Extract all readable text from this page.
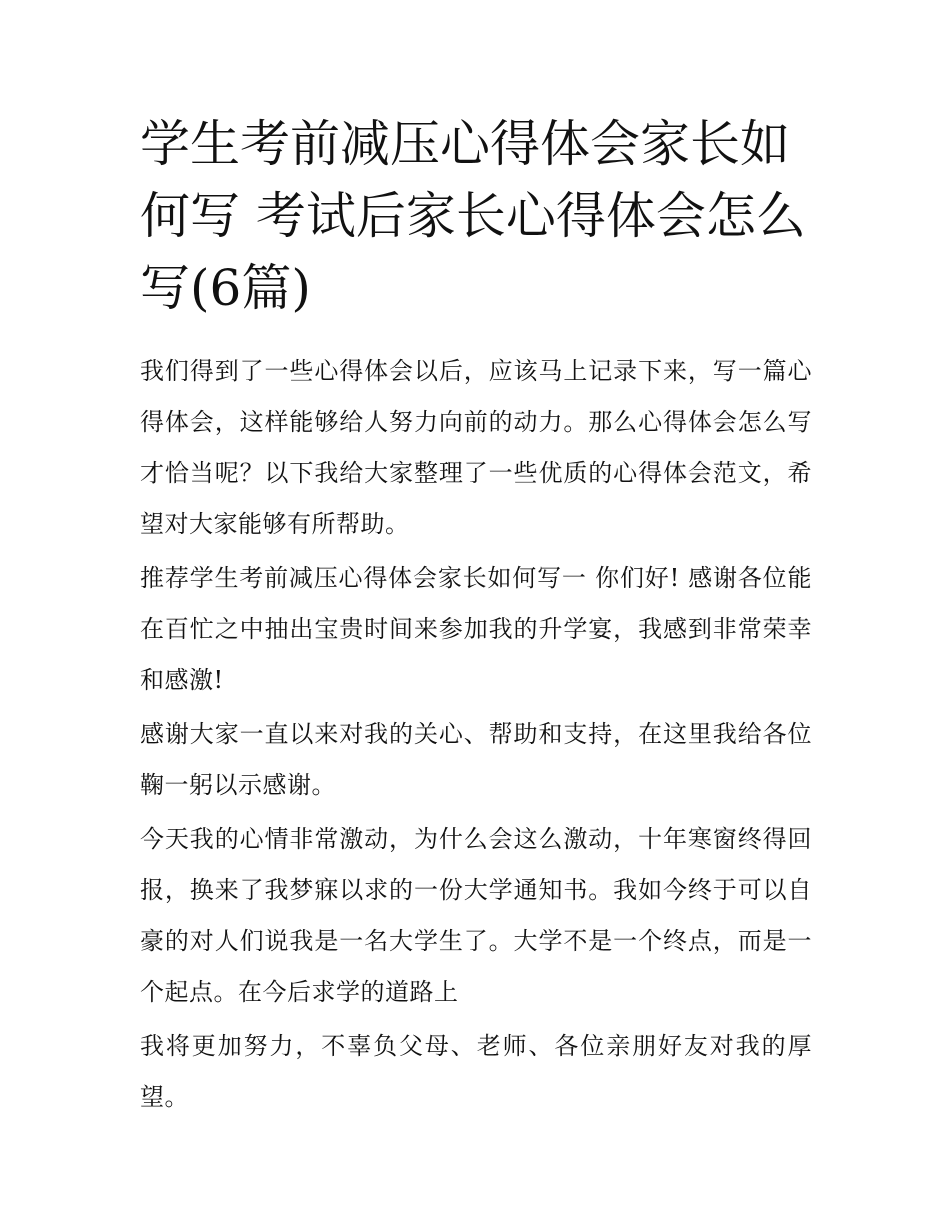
学生考前减压心得体会家长如何写 考试后家长心得体会怎么写(6篇)

我们得到了一些心得体会以后，应该马上记录下来，写一篇心得体会，这样能够给人努力向前的动力。那么心得体会怎么写才恰当呢？以下我给大家整理了一些优质的心得体会范文，希望对大家能够有所帮助。

推荐学生考前减压心得体会家长如何写一 你们好! 感谢各位能在百忙之中抽出宝贵时间来参加我的升学宴，我感到非常荣幸和感激!

感谢大家一直以来对我的关心、帮助和支持，在这里我给各位鞠一躬以示感谢。

今天我的心情非常激动，为什么会这么激动，十年寒窗终得回报，换来了我梦寐以求的一份大学通知书。我如今终于可以自豪的对人们说我是一名大学生了。大学不是一个终点，而是一个起点。在今后求学的道路上

我将更加努力，不辜负父母、老师、各位亲朋好友对我的厚望。
